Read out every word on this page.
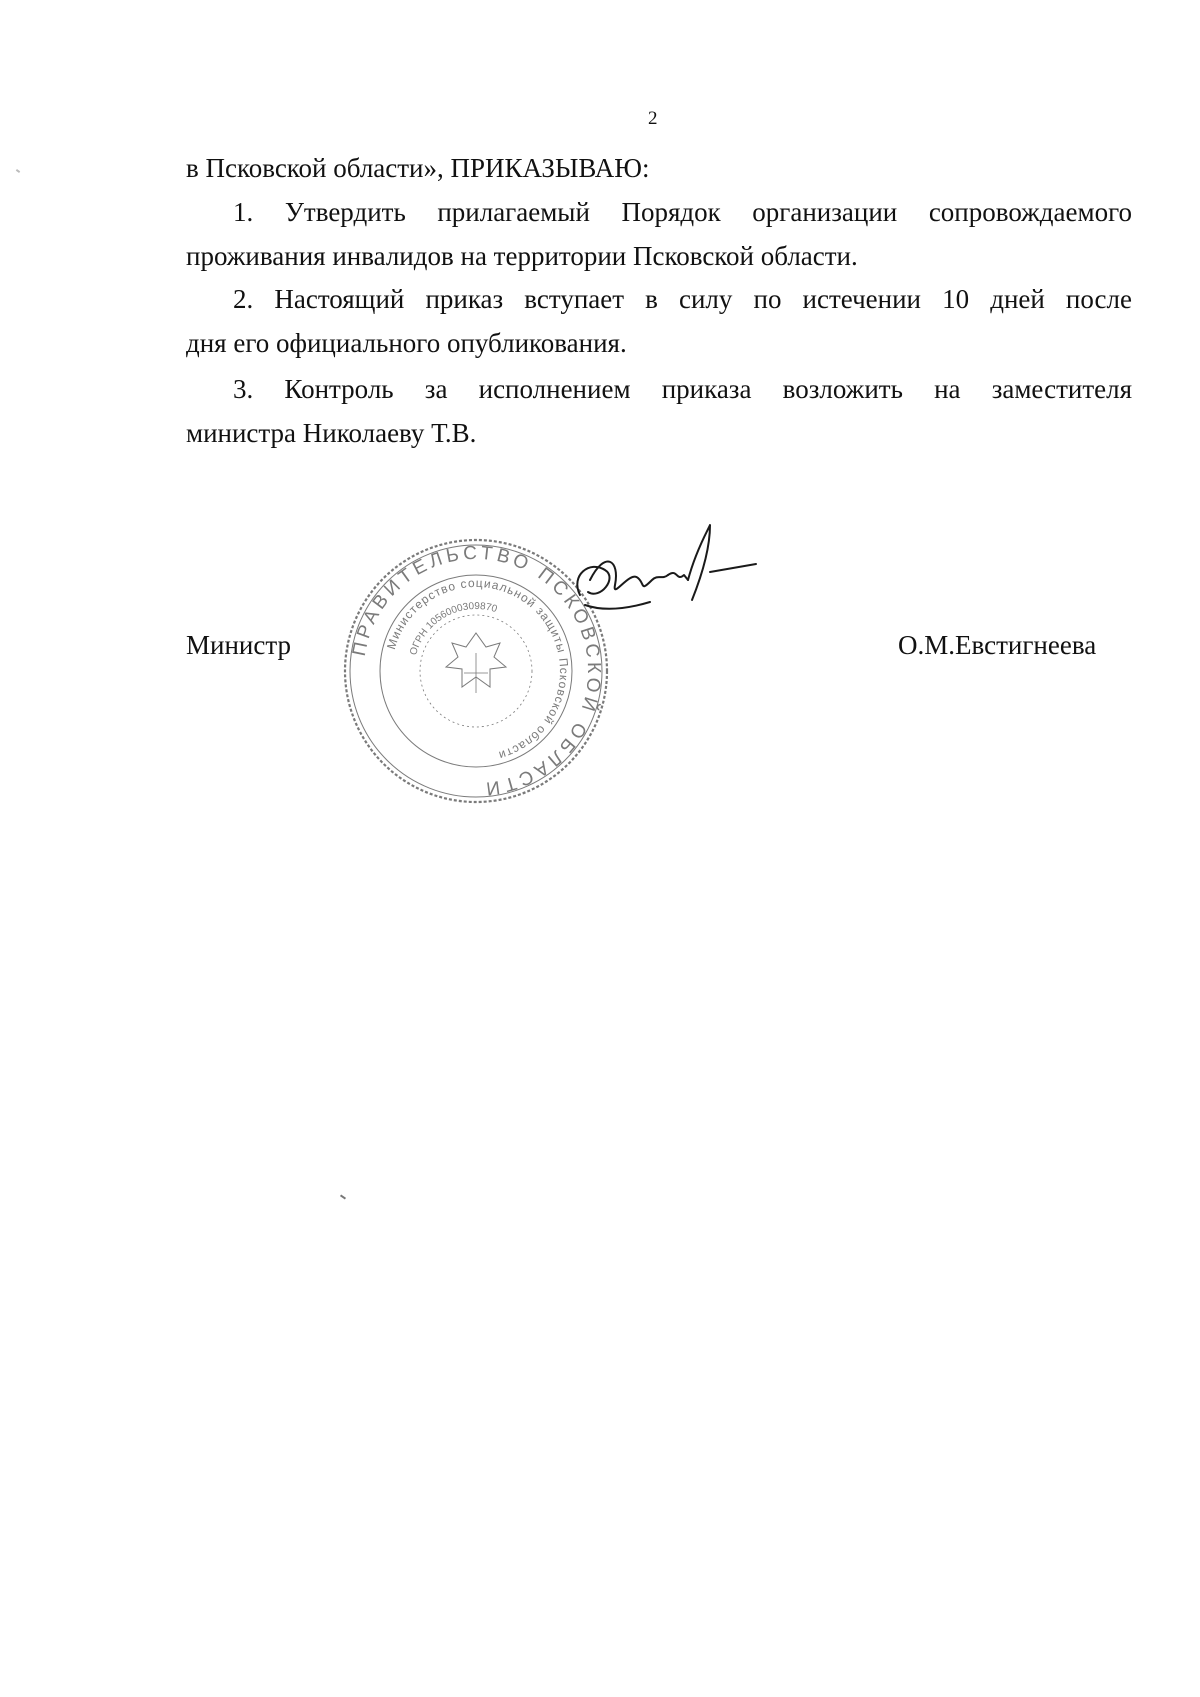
2

в Псковской области», ПРИКАЗЫВАЮ:

1. Утвердить прилагаемый Порядок организации сопровождаемого

проживания инвалидов на территории Псковской области.

2. Настоящий приказ вступает в силу по истечении 10 дней после

дня его официального опубликования.

3. Контроль за исполнением приказа возложить на заместителя

министра Николаеву Т.В.

ПРАВИТЕЛЬСТВО ПСКОВСКОЙ ОБЛАСТИ
Министерство социальной защиты Псковской области
ОГРН 1056000309870
Министр	О.М.Евстигнеева
